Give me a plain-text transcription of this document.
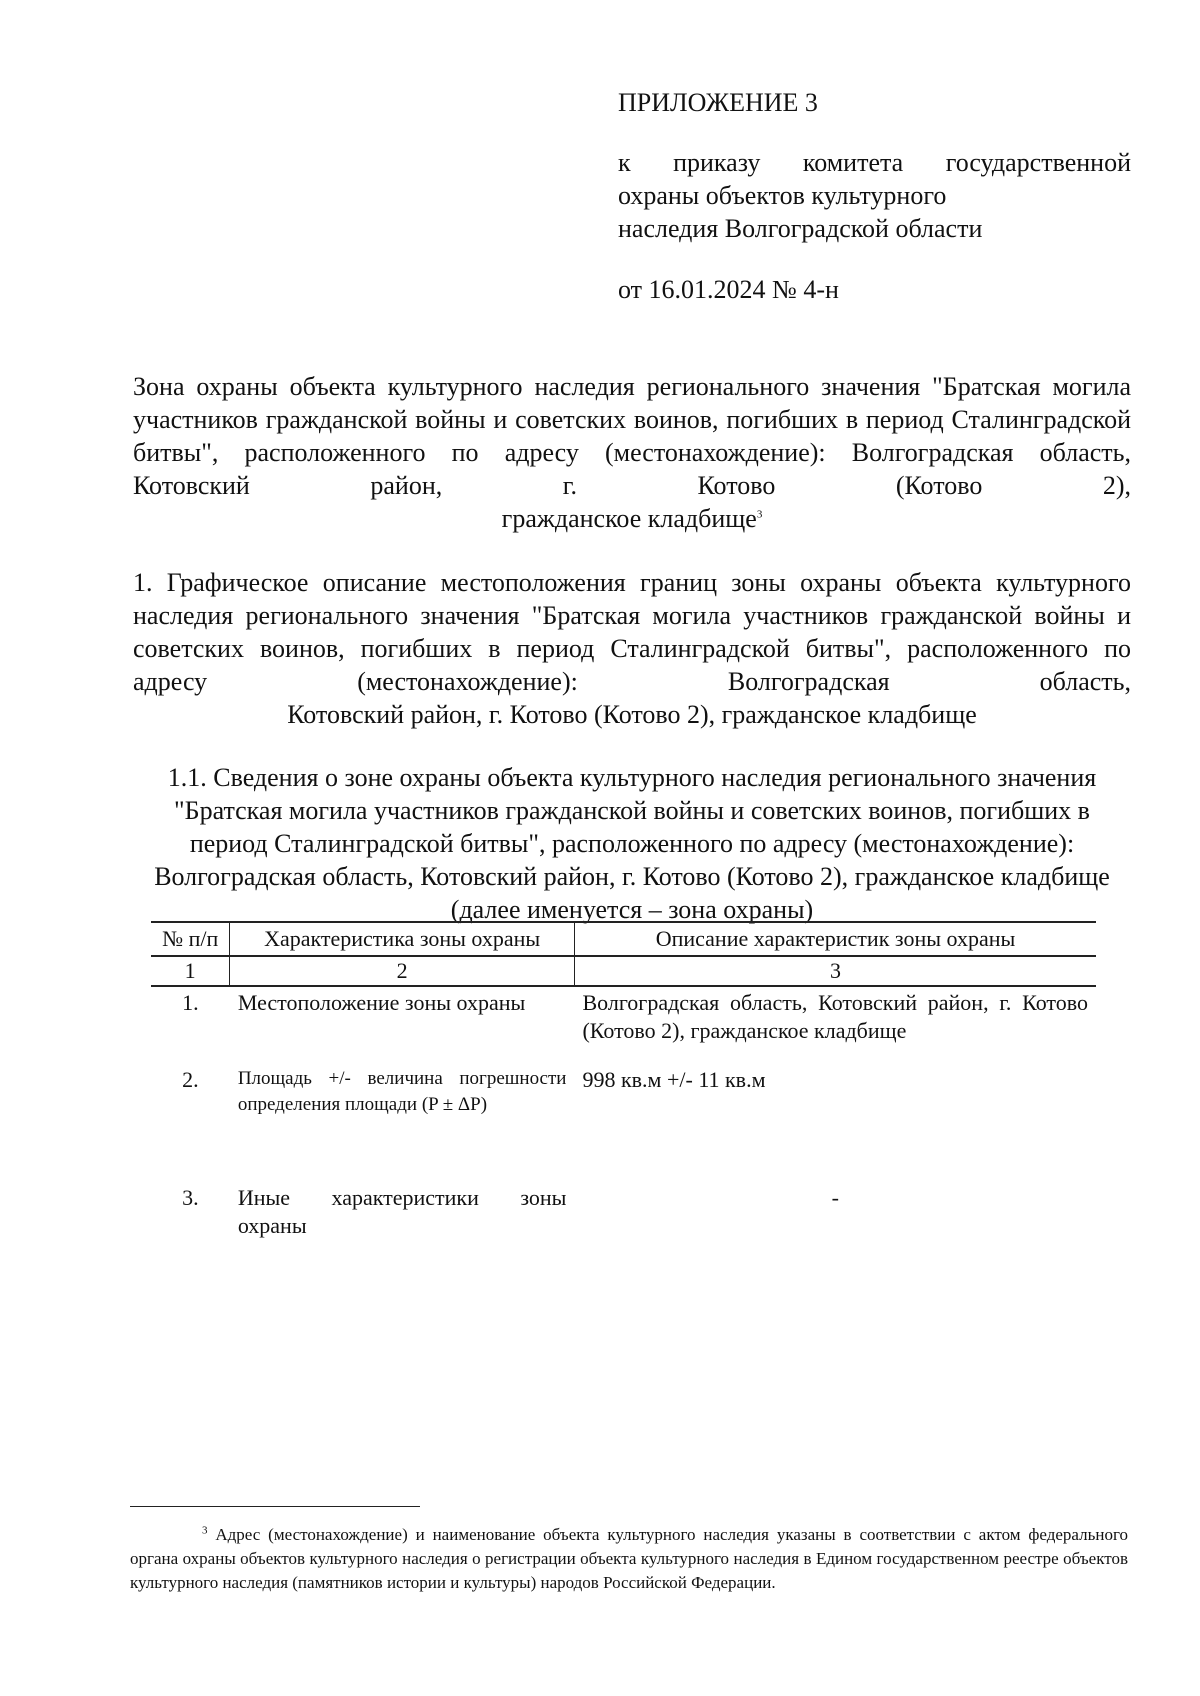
ПРИЛОЖЕНИЕ 3
к приказу комитета государственной
охраны объектов культурного
наследия Волгоградской области
от 16.01.2024 № 4-н
Зона охраны объекта культурного наследия регионального значения "Братская могила участников гражданской войны и советских воинов, погибших в период Сталинградской битвы", расположенного по адресу (местонахождение): Волгоградская область, Котовский район, г. Котово (Котово 2),
гражданское кладбище$^3$
1. Графическое описание местоположения границ зоны охраны объекта культурного наследия регионального значения "Братская могила участников гражданской войны и советских воинов, погибших в период Сталинградской битвы", расположенного по адресу (местонахождение): Волгоградская область,
Котовский район, г. Котово (Котово 2), гражданское кладбище
1.1. Сведения о зоне охраны объекта культурного наследия регионального значения "Братская могила участников гражданской войны и советских воинов, погибших в период Сталинградской битвы", расположенного по адресу (местонахождение): Волгоградская область, Котовский район, г. Котово (Котово 2), гражданское кладбище (далее именуется – зона охраны)
№ п/п	Характеристика зоны охраны	Описание характеристик зоны охраны
1	2	3
1.	Местоположение зоны охраны	Волгоградская область, Котовский район, г. Котово (Котово 2), гражданское кладбище
2.	Площадь +/- величина погрешности определения площади (P ± ΔP)	998 кв.м +/- 11 кв.м
3.	Иные характеристики зоны охраны	-
$^3$ Адрес (местонахождение) и наименование объекта культурного наследия указаны в соответствии с актом федерального органа охраны объектов культурного наследия о регистрации объекта культурного наследия в Едином государственном реестре объектов культурного наследия (памятников истории и культуры) народов Российской Федерации.
